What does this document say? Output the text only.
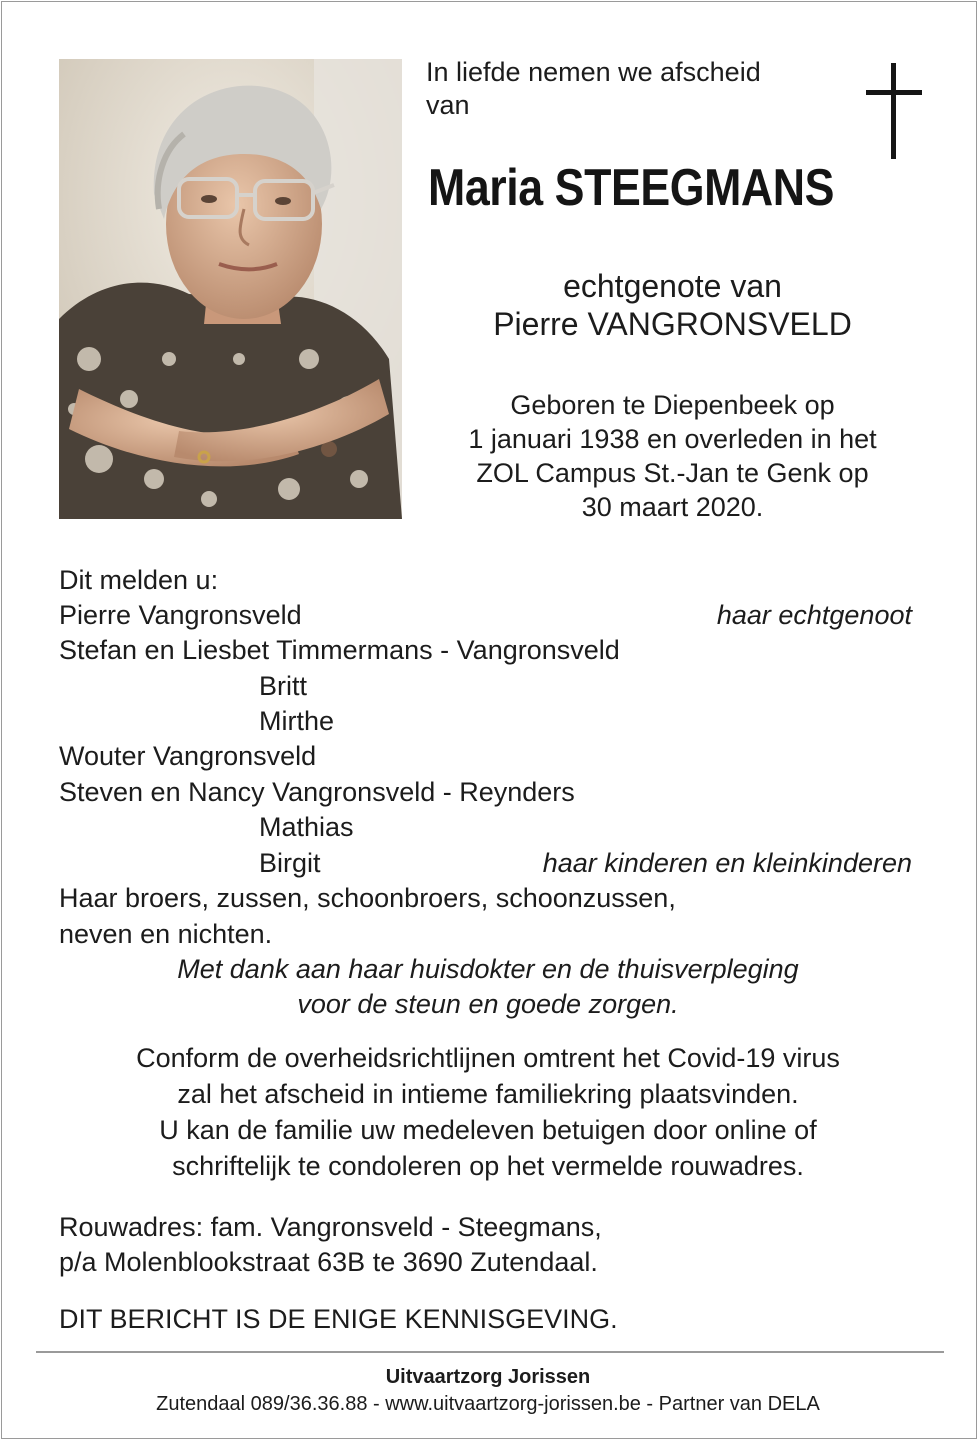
In liefde nemen we afscheid
van
Maria STEEGMANS
echtgenote van
Pierre VANGRONSVELD
Geboren te Diepenbeek op
1 januari 1938 en overleden in het
ZOL Campus St.-Jan te Genk op
30 maart 2020.
Dit melden u:
Pierre Vangronsveld	haar echtgenoot
Stefan en Liesbet Timmermans - Vangronsveld
Britt
Mirthe
Wouter Vangronsveld
Steven en Nancy Vangronsveld - Reynders
Mathias
Birgit	haar kinderen en kleinkinderen
Haar broers, zussen, schoonbroers, schoonzussen,
neven en nichten.
Met dank aan haar huisdokter en de thuisverpleging
voor de steun en goede zorgen.
Conform de overheidsrichtlijnen omtrent het Covid-19 virus
zal het afscheid in intieme familiekring plaatsvinden.
U kan de familie uw medeleven betuigen door online of
schriftelijk te condoleren op het vermelde rouwadres.
Rouwadres: fam. Vangronsveld - Steegmans,
p/a Molenblookstraat 63B te 3690 Zutendaal.
DIT BERICHT IS DE ENIGE KENNISGEVING.
Uitvaartzorg Jorissen
Zutendaal 089/36.36.88 - www.uitvaartzorg-jorissen.be - Partner van DELA
